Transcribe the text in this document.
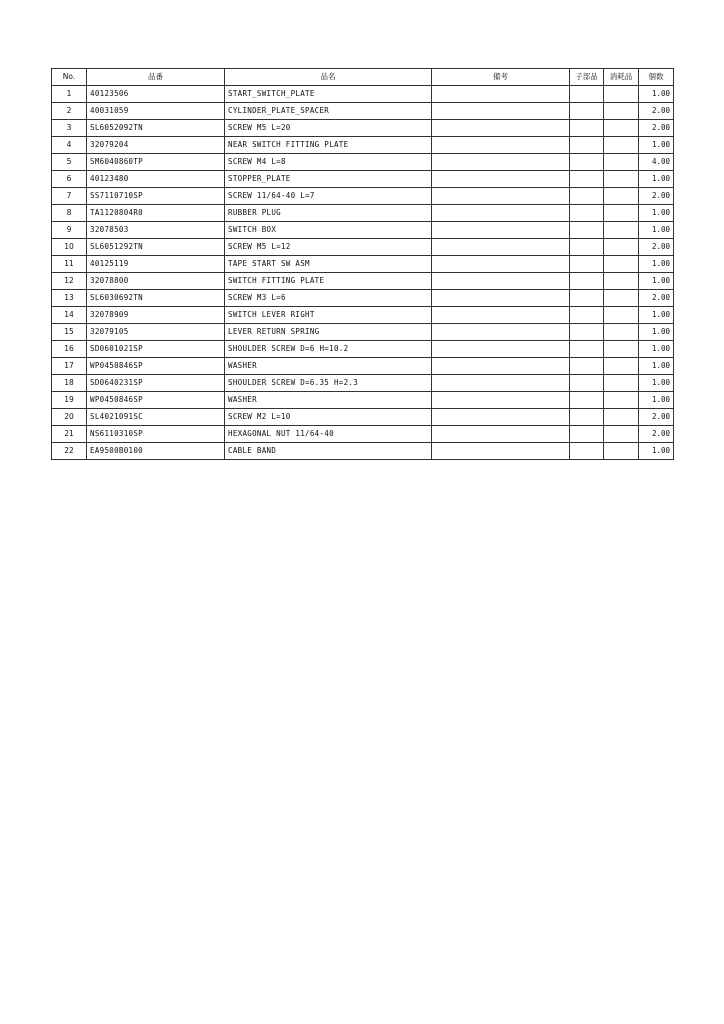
No.	品番	品名	備考	子部品	消耗品	個数
1	40123506	START_SWITCH_PLATE				1.00
2	40031059	CYLINDER_PLATE_SPACER				2.00
3	SL6052092TN	SCREW M5 L=20				2.00
4	32079204	NEAR SWITCH FITTING PLATE				1.00
5	SM6040860TP	SCREW M4 L=8				4.00
6	40123480	STOPPER_PLATE				1.00
7	SS7110710SP	SCREW 11/64-40 L=7				2.00
8	TA1120804R0	RUBBER PLUG				1.00
9	32078503	SWITCH BOX				1.00
10	SL6051292TN	SCREW M5 L=12				2.00
11	40125119	TAPE START SW ASM				1.00
12	32078800	SWITCH FITTING PLATE				1.00
13	SL6030692TN	SCREW M3 L=6				2.00
14	32078909	SWITCH LEVER RIGHT				1.00
15	32079105	LEVER RETURN SPRING				1.00
16	SD0601021SP	SHOULDER SCREW D=6 H=10.2				1.00
17	WP0450846SP	WASHER				1.00
18	SD0640231SP	SHOULDER SCREW D=6.35 H=2.3				1.00
19	WP0450846SP	WASHER				1.00
20	SL4021091SC	SCREW M2 L=10				2.00
21	NS6110310SP	HEXAGONAL NUT 11/64-40				2.00
22	EA9500B0100	CABLE BAND				1.00
